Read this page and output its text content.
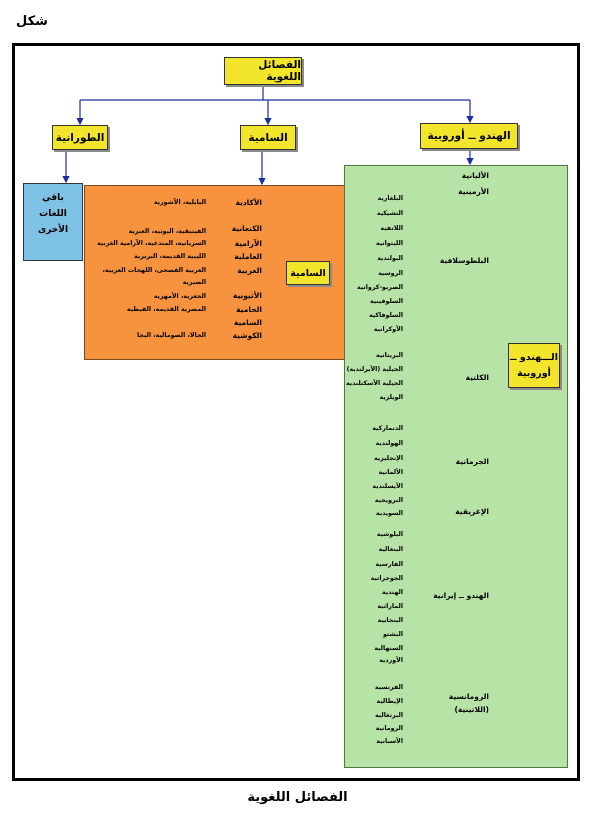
شكل
الفصائل اللغوية
الهندو ــ أوروبية
السامية
الطورانية
باقي
اللغات
الأخرى
السامية
الأكادية
الكنعانية
الآرامية
العاملية
العربية
الأثيوبية
الحامية
السامية
الكوشية
البابلية، الآشورية
الفينيقية، اليونية، العبرية
السريانية، المندعية، الآرامية الغربية
الليبية القديمة، البربرية
العربية الفصحى، اللهجات العربية،
الصبرية
الجعزية، الأمهرية
المصرية القديمة، القبطية
الجالا، الصومالية، البجا
الـــهندو ــ
أوروبية
الألبانية
الأرمينية
البلطوسلافية
الكلتية
الجرمانية
الإغريقية
الهندو ــ إيرانية
الرومانسية
(اللاتينية)
البلغارية
التشيكية
اللاتفية
الليتوانية
البولندية
الروسية
الصربو-كرواتية
السلوفينية
السلوفاكية
الأوكرانية
البريتانية
الجيلية (الأيرلندية)
الجيلية الأسكتلندية
الويلزية
الدنماركية
الهولندية
الإنجليزية
الألمانية
الأيسلندية
النرويجية
السويدية
البلوشية
البنغالية
الفارسية
الجوجراتية
الهندية
الماراثية
البنجابية
البشتو
السنهالية
الأوردية
الفرنسية
الإيطالية
البرتغالية
الرومانية
الأسبانية
الفصائل اللغوية
